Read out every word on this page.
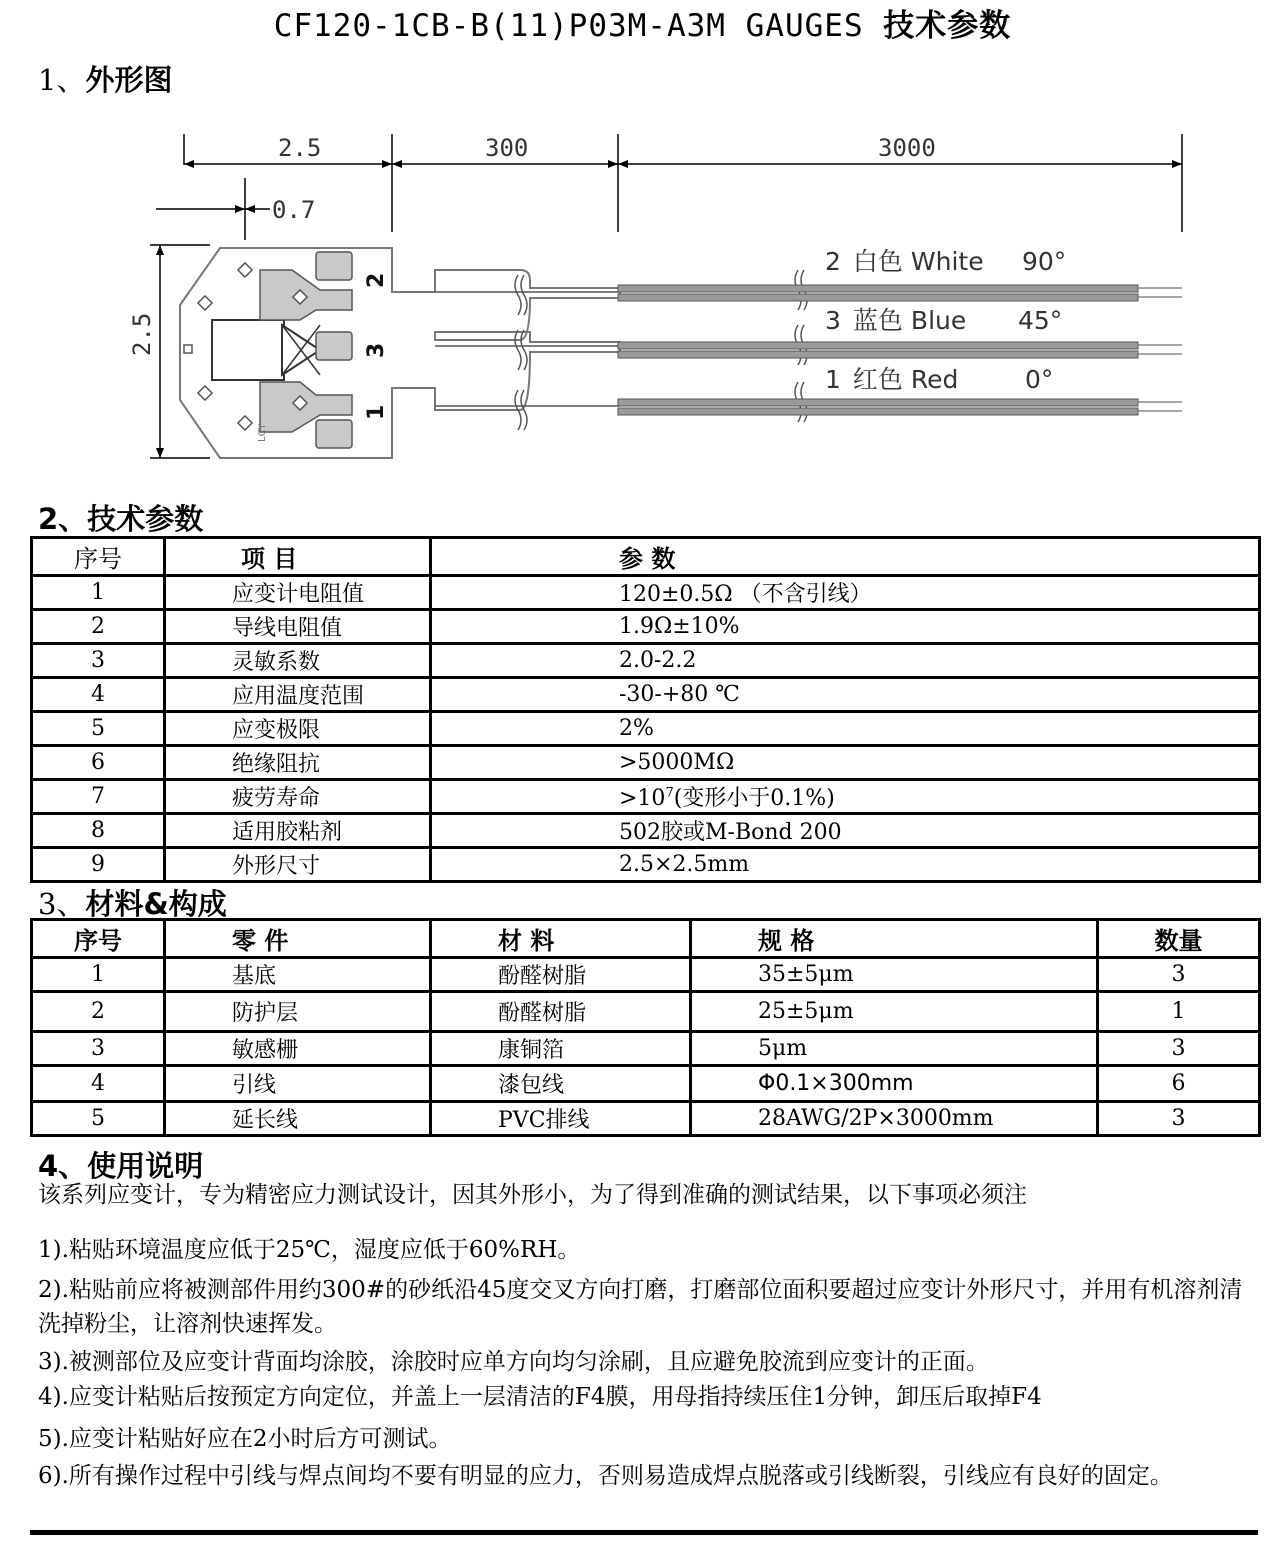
CF120-1CB-B(11)P03M-A3M GAUGES 技术参数
1、外形图
2.5	300	3000
0.7
2.5
2
3
1
LCY
2 白色 White 90°
3 蓝色 Blue 45°
1 红色 Red	0°
2、技术参数
序号	项 目	参 数
1	应变计电阻值	120±0.5Ω （不含引线）
2	导线电阻值	1.9Ω±10%
3	灵敏系数	2.0-2.2
4	应用温度范围	-30-+80 ℃
5	应变极限	2%
6	绝缘阻抗	>5000MΩ
7	疲劳寿命	$>10^7$(变形小于0.1%)
8	适用胶粘剂	502胶或M-Bond 200
9	外形尺寸	2.5×2.5mm
3、材料&构成
序号	零 件	材 料	规 格	数量
1	基底	酚醛树脂	35±5μm	3
2	防护层	酚醛树脂	25±5μm	1
3	敏感栅	康铜箔	5μm	3
4	引线	漆包线	Φ0.1×300mm	6
5	延长线	PVC排线	28AWG/2P×3000mm	3
4、使用说明
该系列应变计，专为精密应力测试设计，因其外形小，为了得到准确的测试结果，以下事项必须注
1).粘贴环境温度应低于25℃，湿度应低于60%RH。
2).粘贴前应将被测部件用约300#的砂纸沿45度交叉方向打磨，打磨部位面积要超过应变计外形尺寸，并用有机溶剂清洗掉粉尘，让溶剂快速挥发。
3).被测部位及应变计背面均涂胶，涂胶时应单方向均匀涂刷，且应避免胶流到应变计的正面。
4).应变计粘贴后按预定方向定位，并盖上一层清洁的F4膜，用母指持续压住1分钟，卸压后取掉F4
5).应变计粘贴好应在2小时后方可测试。
6).所有操作过程中引线与焊点间均不要有明显的应力，否则易造成焊点脱落或引线断裂，引线应有良好的固定。
